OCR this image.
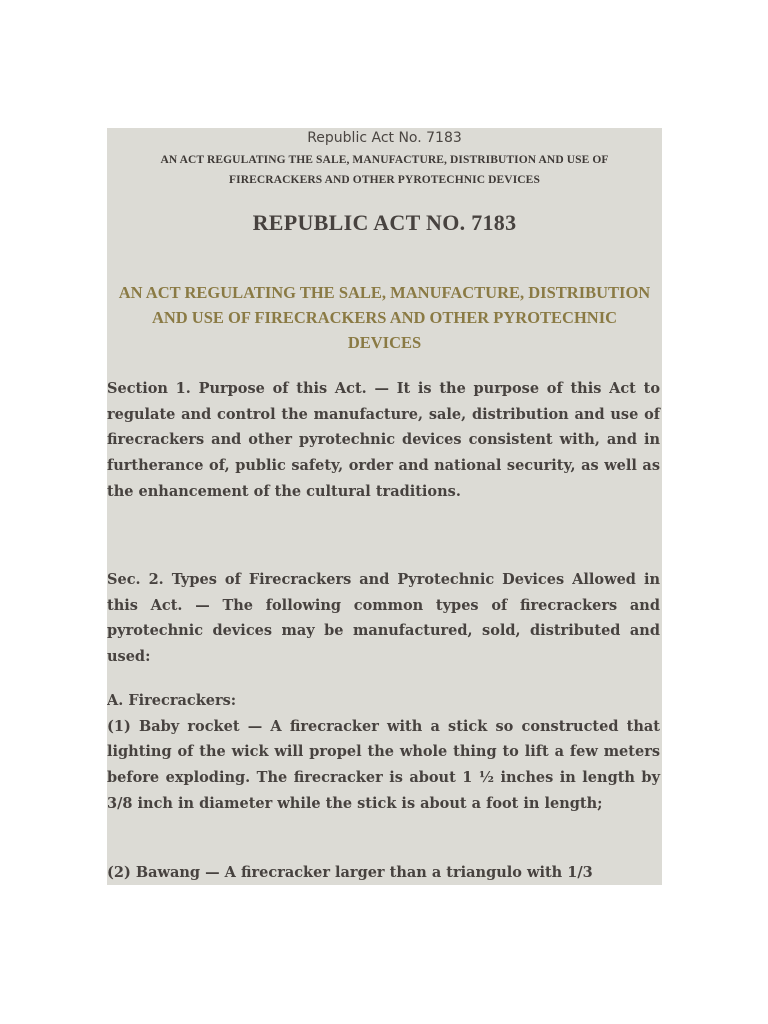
Republic Act No. 7183
AN ACT REGULATING THE SALE, MANUFACTURE, DISTRIBUTION AND USE OF FIRECRACKERS AND OTHER PYROTECHNIC DEVICES
REPUBLIC ACT NO. 7183
AN ACT REGULATING THE SALE, MANUFACTURE, DISTRIBUTION AND USE OF FIRECRACKERS AND OTHER PYROTECHNIC DEVICES
Section 1. Purpose of this Act. — It is the purpose of this Act to regulate and control the manufacture, sale, distribution and use of firecrackers and other pyrotechnic devices consistent with, and in furtherance of, public safety, order and national security, as well as the enhancement of the cultural traditions.
Sec. 2. Types of Firecrackers and Pyrotechnic Devices Allowed in this Act. — The following common types of firecrackers and pyrotechnic devices may be manufactured, sold, distributed and used:
A. Firecrackers:
(1) Baby rocket — A firecracker with a stick so constructed that lighting of the wick will propel the whole thing to lift a few meters before exploding. The firecracker is about 1 ½ inches in length by 3/8 inch in diameter while the stick is about a foot in length;
(2) Bawang — A firecracker larger than a triangulo with 1/3
